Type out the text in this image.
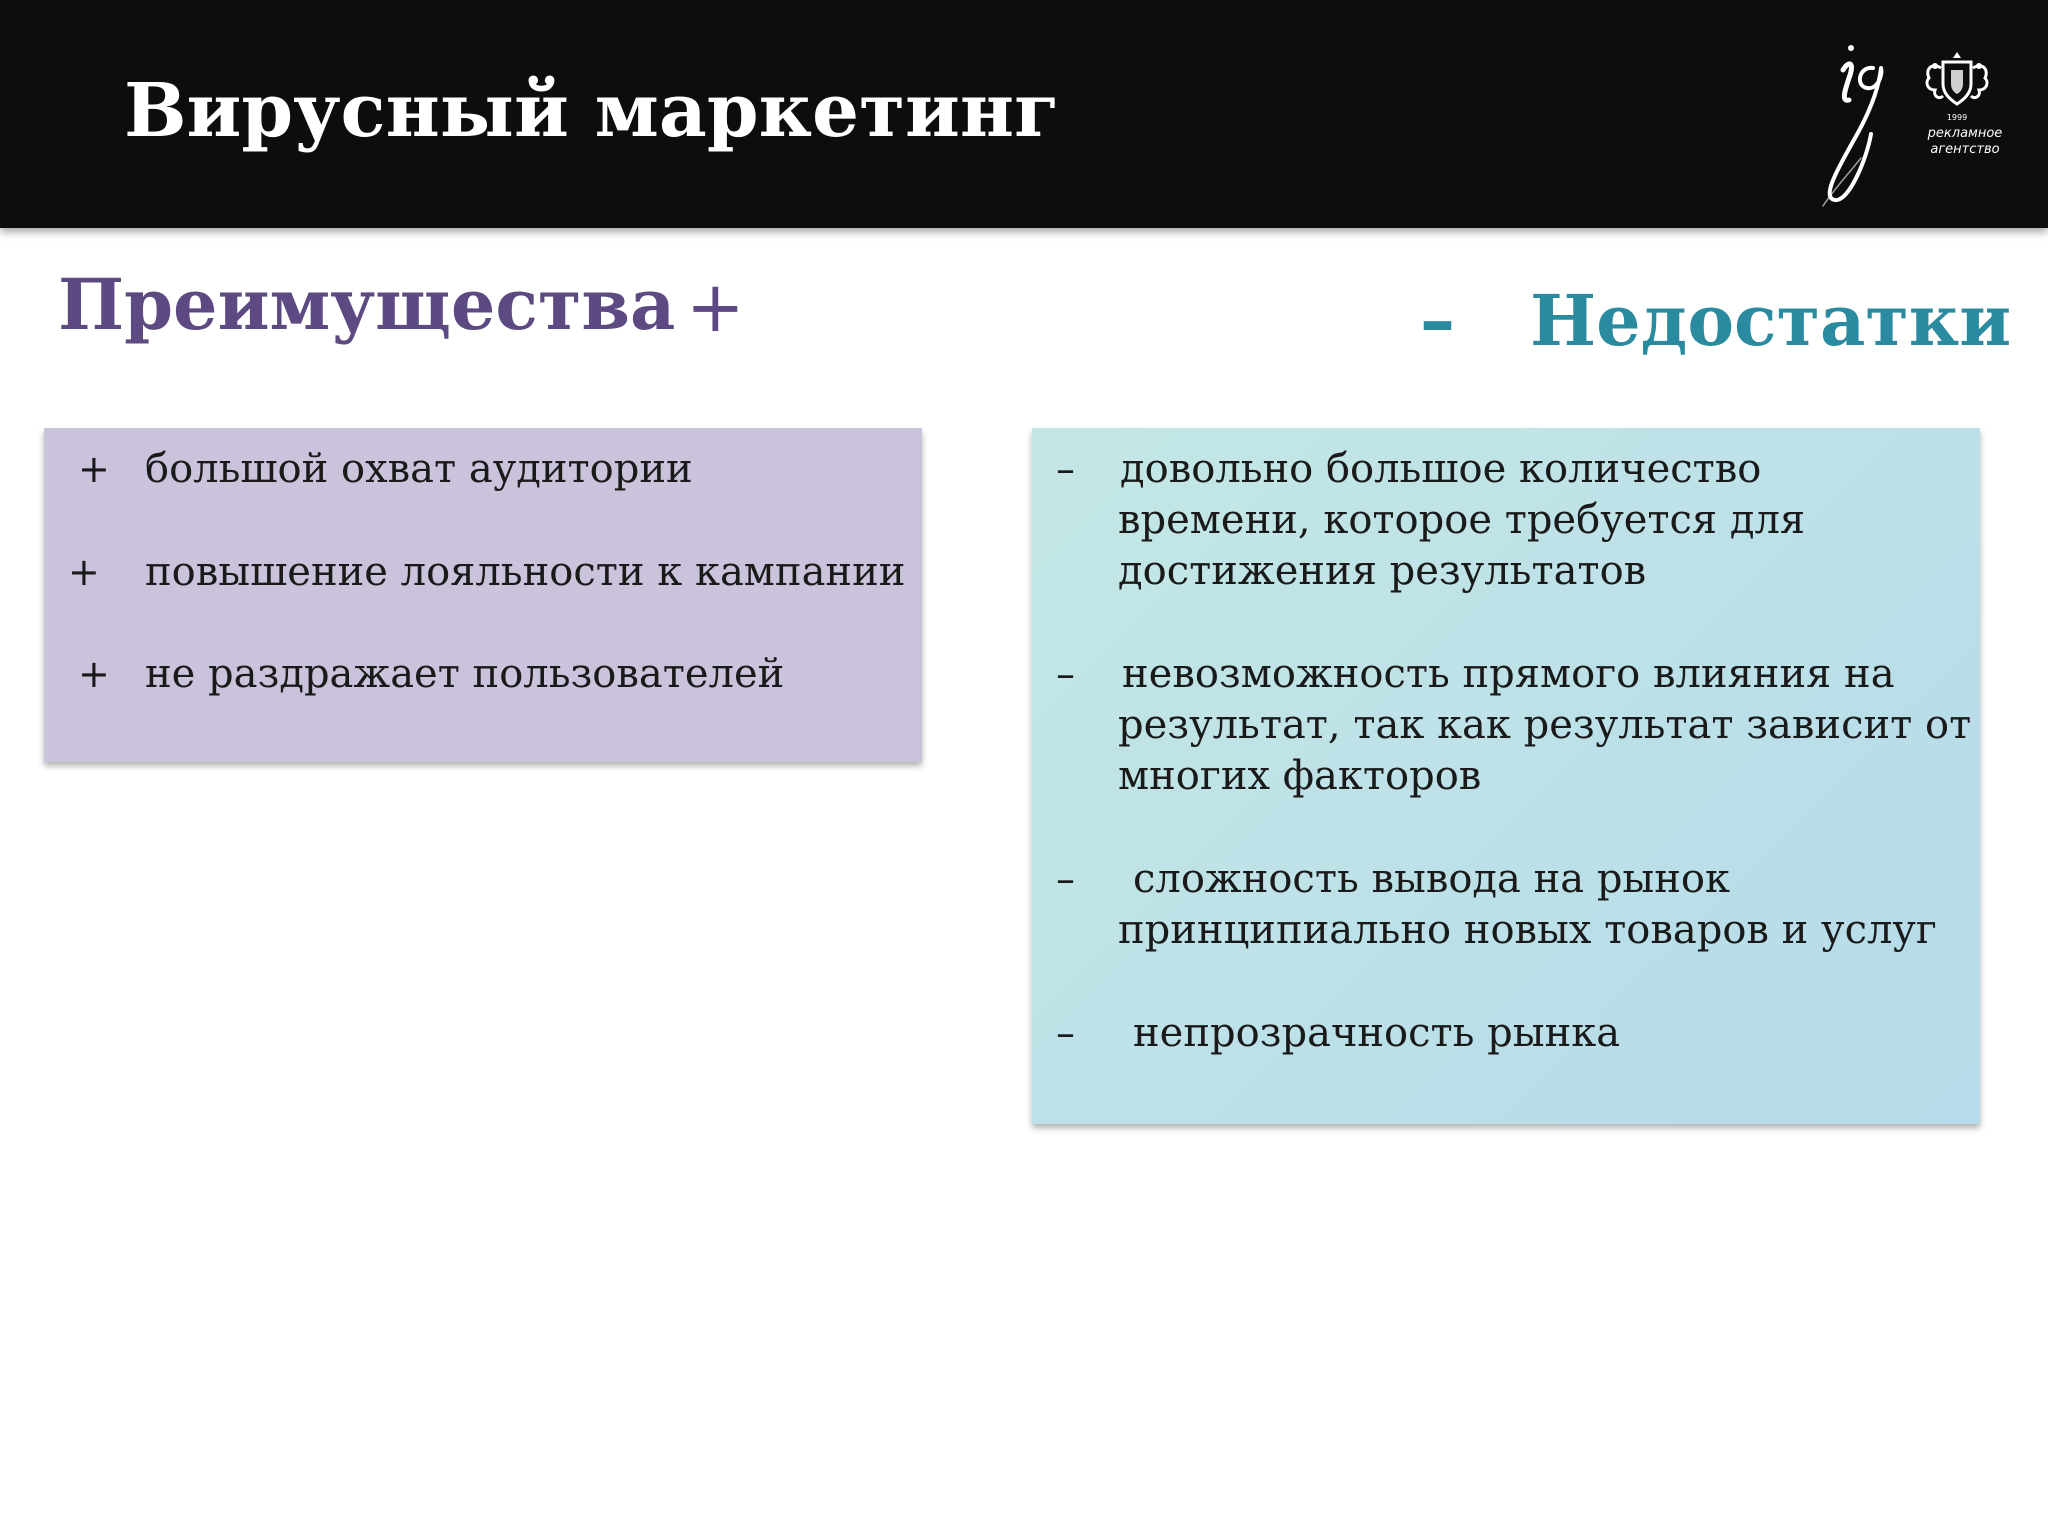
Вирусный маркетинг	1999
рекламное
агентство
Преимущества +	– Недостатки
+ большой охват аудитории
+ повышение лояльности к кампании
+ не раздражает пользователей
– довольно большое количество
времени, которое требуется для
достижения результатов
– невозможность прямого влияния на
результат, так как результат зависит от
многих факторов
– сложность вывода на рынок
принципиально новых товаров и услуг
– непрозрачность рынка
